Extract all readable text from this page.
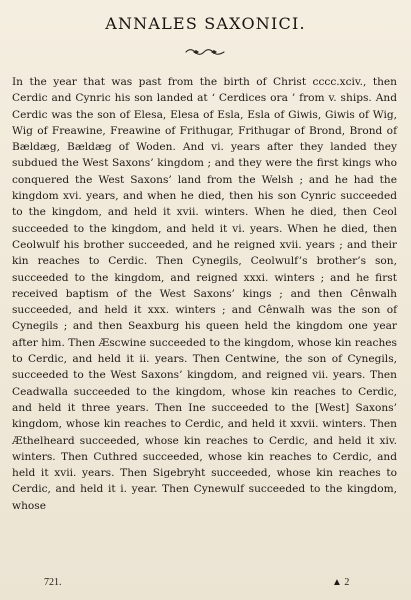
ANNALES SAXONICI.

In the year that was past from the birth of Christ cccc.xciv., then Cerdic and Cynric his son landed at ‘ Cerdices ora ’ from v. ships. And Cerdic was the son of Elesa, Elesa of Esla, Esla of Giwis, Giwis of Wig, Wig of Freawine, Freawine of Frithugar, Frithugar of Brond, Brond of Bældæg, Bældæg of Woden. And vi. years after they landed they subdued the West Saxons’ kingdom ; and they were the first kings who conquered the West Saxons’ land from the Welsh ; and he had the kingdom xvi. years, and when he died, then his son Cynric succeeded to the kingdom, and held it xvii. winters. When he died, then Ceol succeeded to the kingdom, and held it vi. years. When he died, then Ceolwulf his brother succeeded, and he reigned xvii. years ; and their kin reaches to Cerdic. Then Cynegils, Ceolwulf’s brother’s son, succeeded to the kingdom, and reigned xxxi. winters ; and he first received baptism of the West Saxons’ kings ; and then Cênwalh succeeded, and held it xxx. winters ; and Cênwalh was the son of Cynegils ; and then Seaxburg his queen held the kingdom one year after him. Then Æscwine succeeded to the kingdom, whose kin reaches to Cerdic, and held it ii. years. Then Centwine, the son of Cynegils, succeeded to the West Saxons’ kingdom, and reigned vii. years. Then Ceadwalla succeeded to the kingdom, whose kin reaches to Cerdic, and held it three years. Then Ine succeeded to the [West] Saxons’ kingdom, whose kin reaches to Cerdic, and held it xxvii. winters. Then Æthelheard succeeded, whose kin reaches to Cerdic, and held it xiv. winters. Then Cuthred succeeded, whose kin reaches to Cerdic, and held it xvii. years. Then Sigebryht succeeded, whose kin reaches to Cerdic, and held it i. year. Then Cynewulf succeeded to the kingdom, whose

721.	▲ 2
